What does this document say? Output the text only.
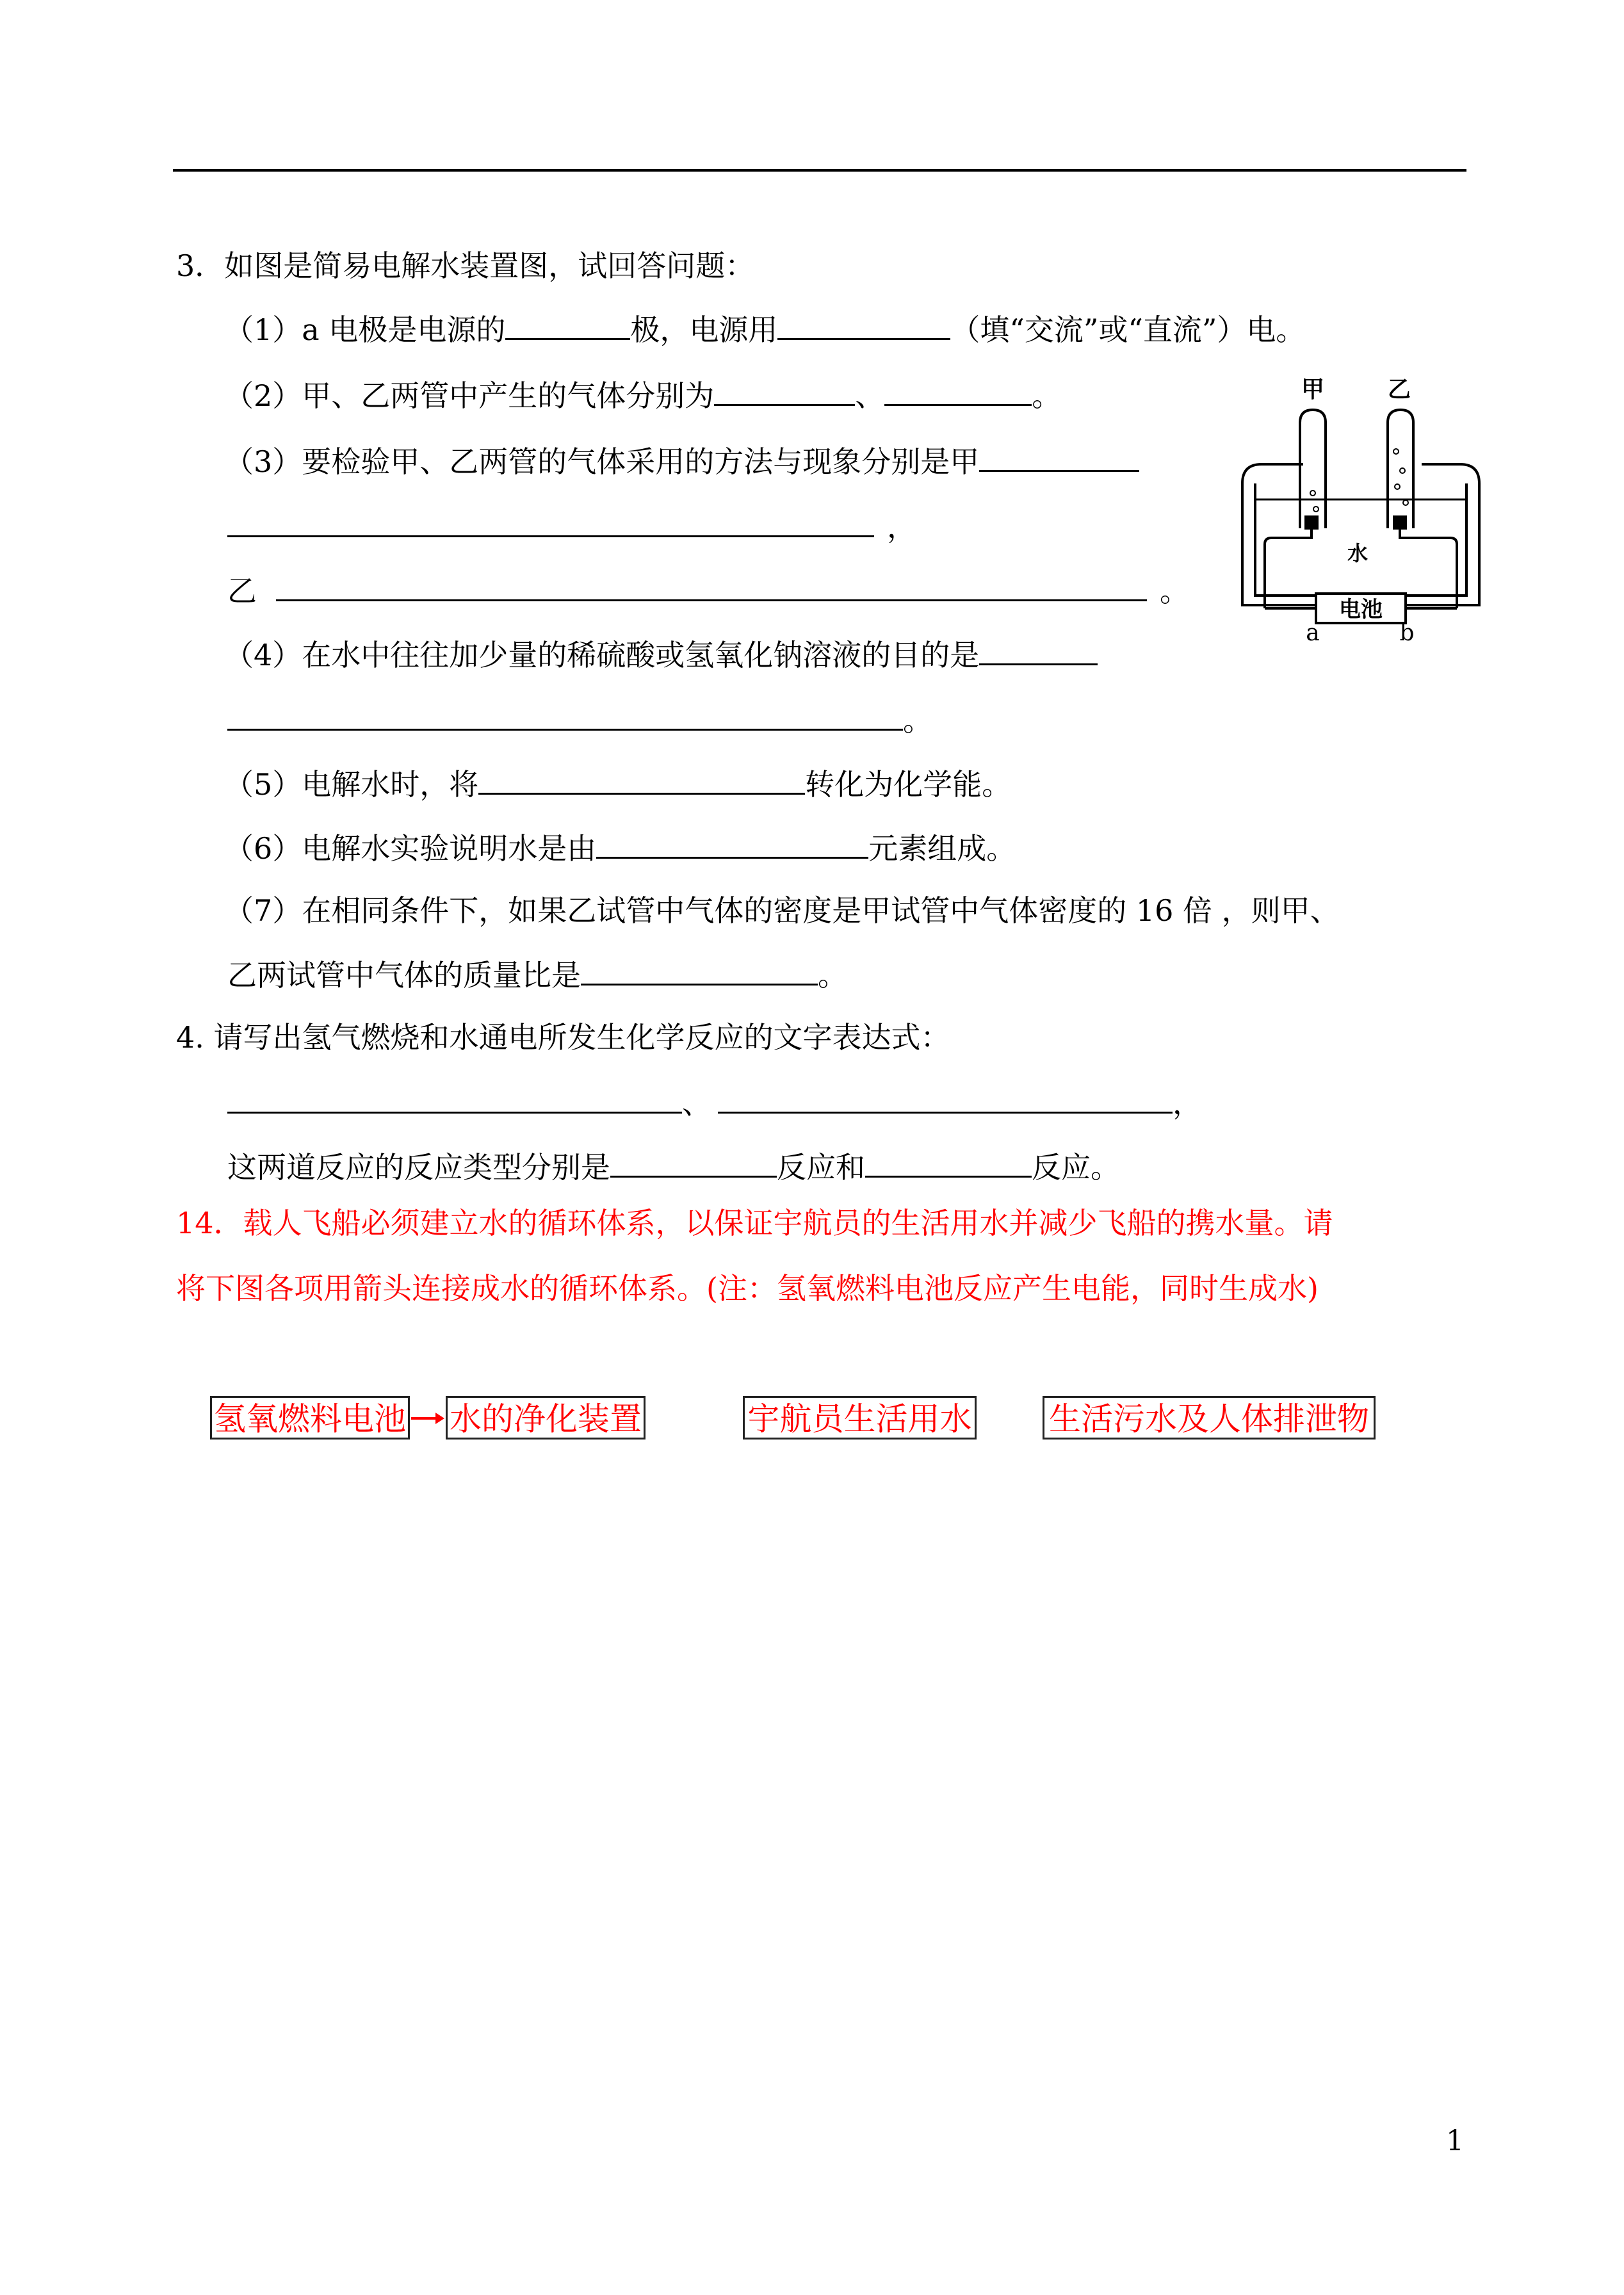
3．如图是简易电解水装置图，试回答问题：
（1）a 电极是电源的	极，电源用	（填“交流”或“直流”）电。
（2）甲、乙两管中产生的气体分别为	、	。
（3）要检验甲、乙两管的气体采用的方法与现象分别是甲
，
乙	。
（4）在水中往往加少量的稀硫酸或氢氧化钠溶液的目的是
。
（5）电解水时，将	转化为化学能。
（6）电解水实验说明水是由	元素组成。
（7）在相同条件下，如果乙试管中气体的密度是甲试管中气体密度的 16 倍 ，则甲、
乙两试管中气体的质量比是	。
甲	乙
水
电池
a	b
4. 请写出氢气燃烧和水通电所发生化学反应的文字表达式：
、	，
这两道反应的反应类型分别是	反应和	反应。
14．载人飞船必须建立水的循环体系，以保证宇航员的生活用水并减少飞船的携水量。请
将下图各项用箭头连接成水的循环体系。(注：氢氧燃料电池反应产生电能，同时生成水)
氢氧燃料电池 水的净化装置	宇航员生活用水 生活污水及人体排泄物
1
